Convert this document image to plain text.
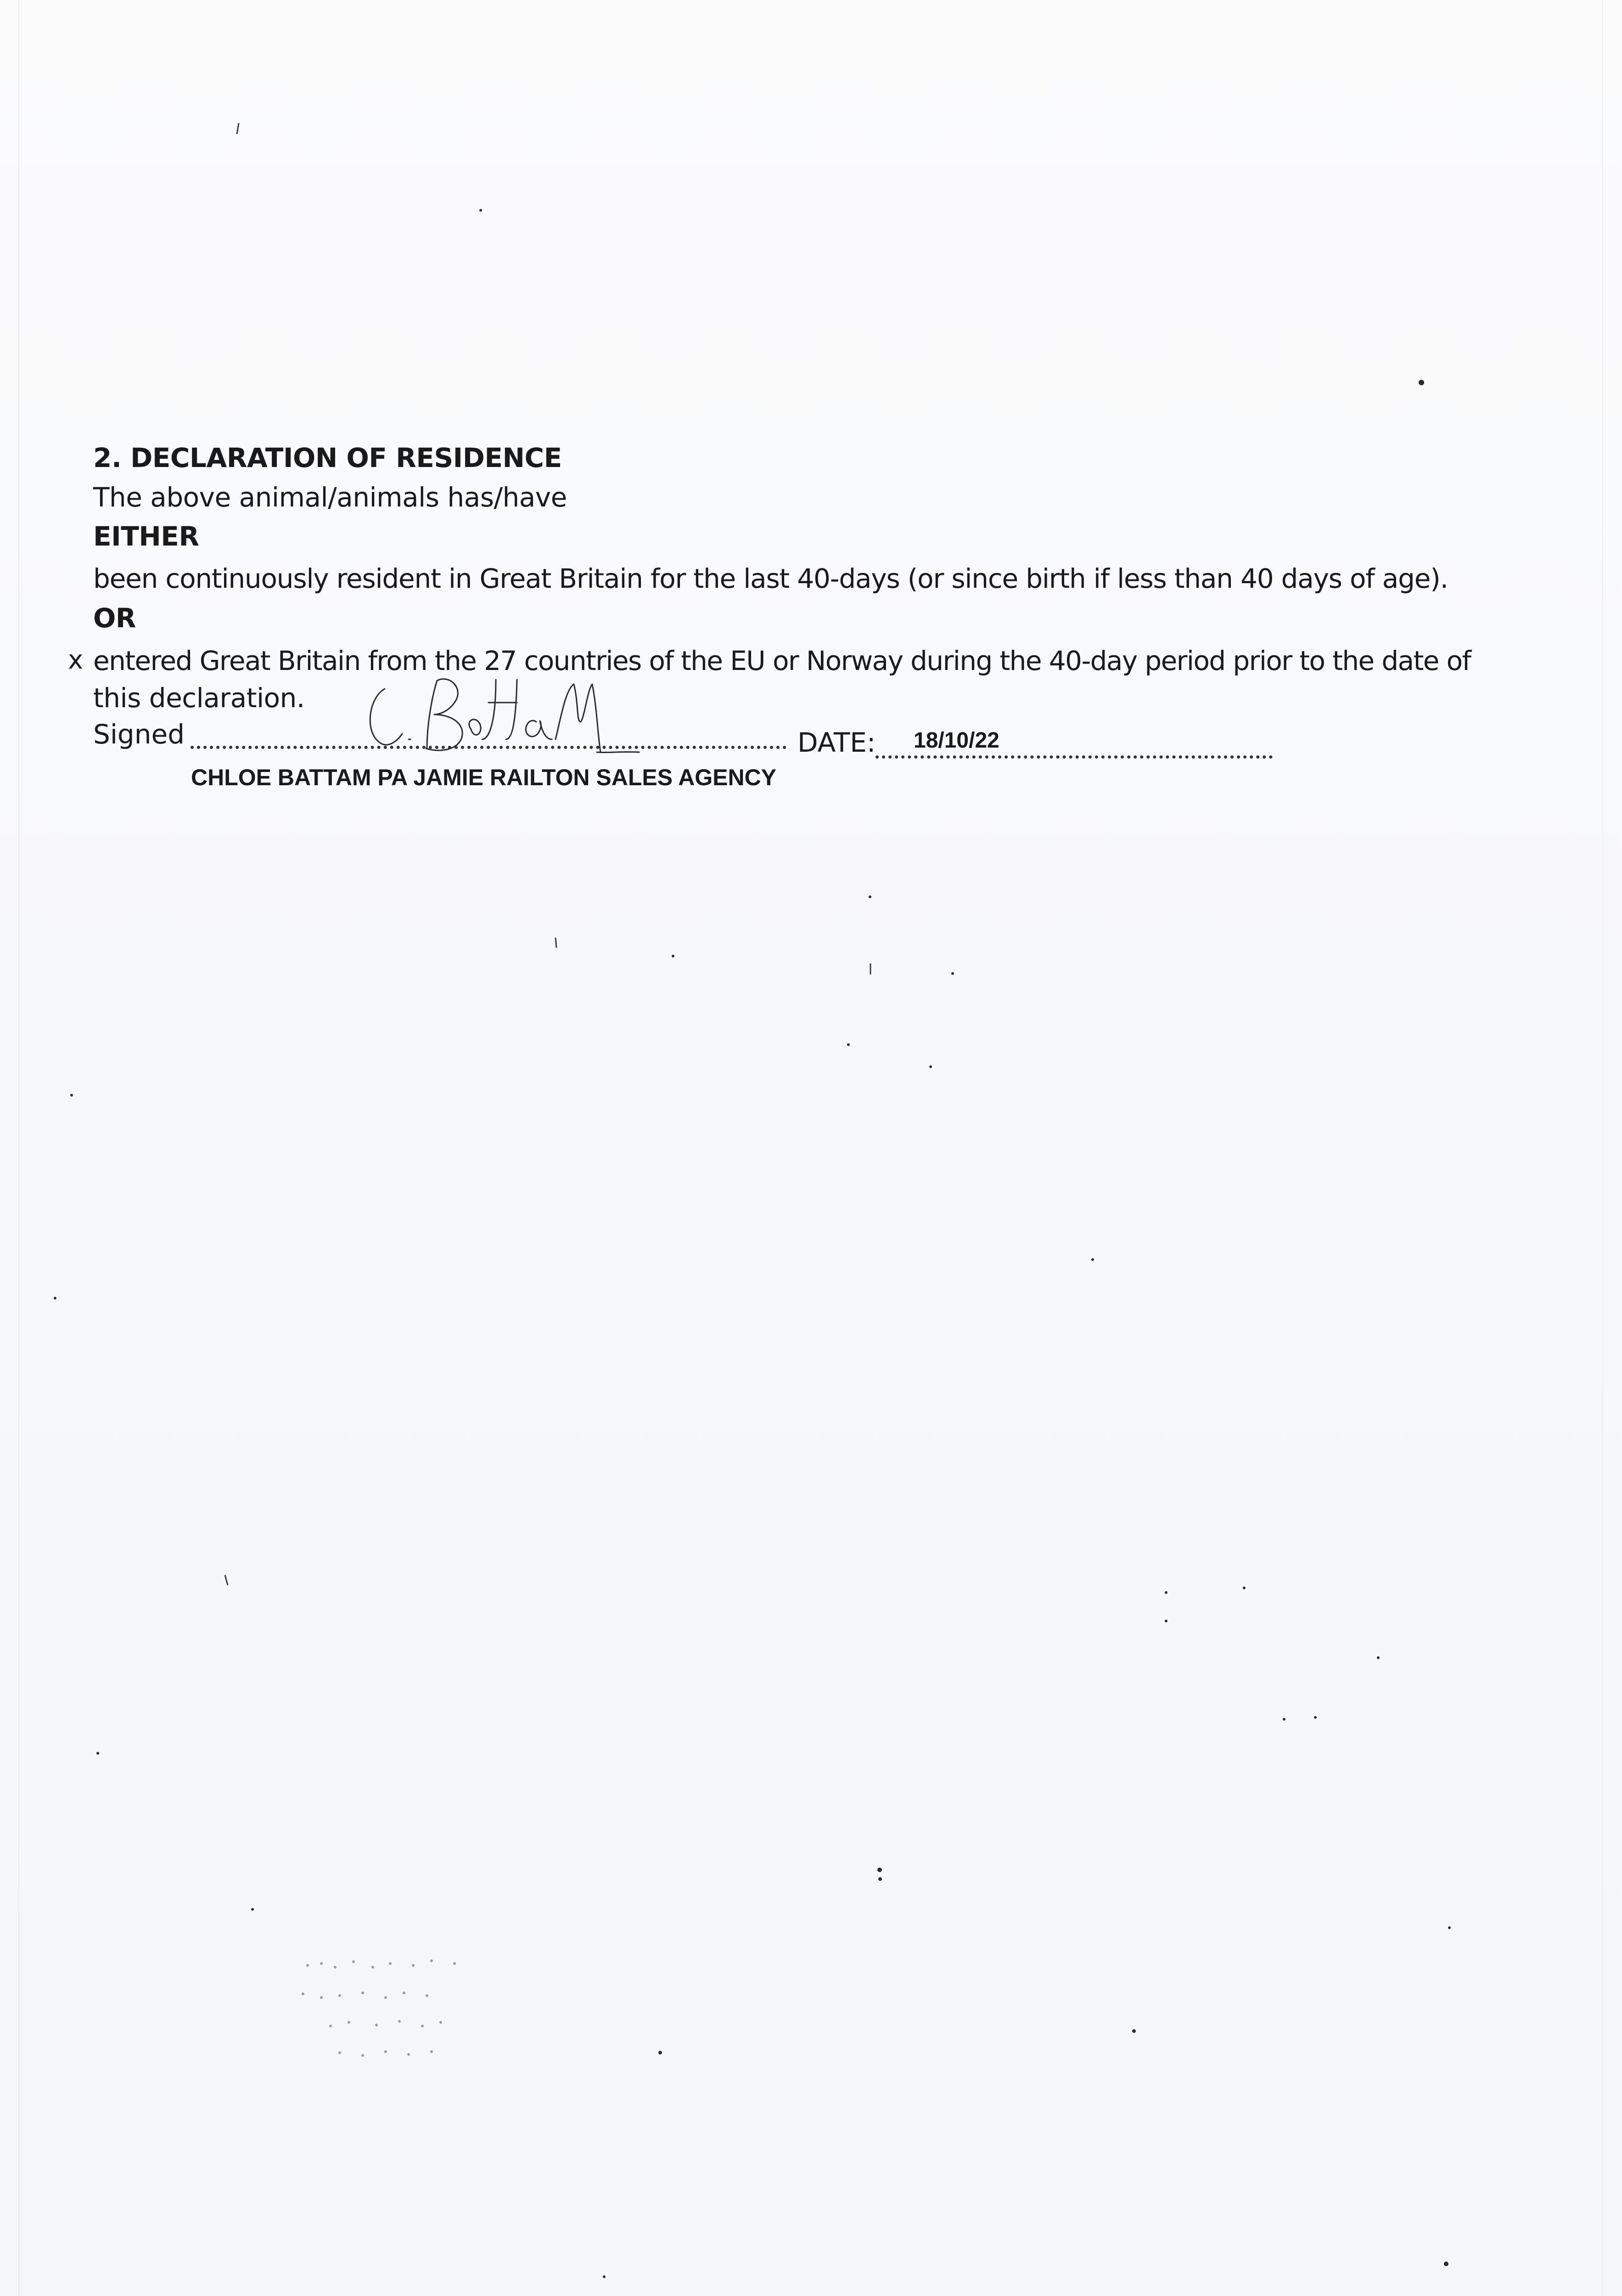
2. DECLARATION OF RESIDENCE

The above animal/animals has/have

EITHER

been continuously resident in Great Britain for the last 40-days (or since birth if less than 40 days of age).

OR

x entered Great Britain from the 27 countries of the EU or Norway during the 40-day period prior to the date of

this declaration.

Signed	DATE: 18/10/22
CHLOE BATTAM PA JAMIE RAILTON SALES AGENCY
